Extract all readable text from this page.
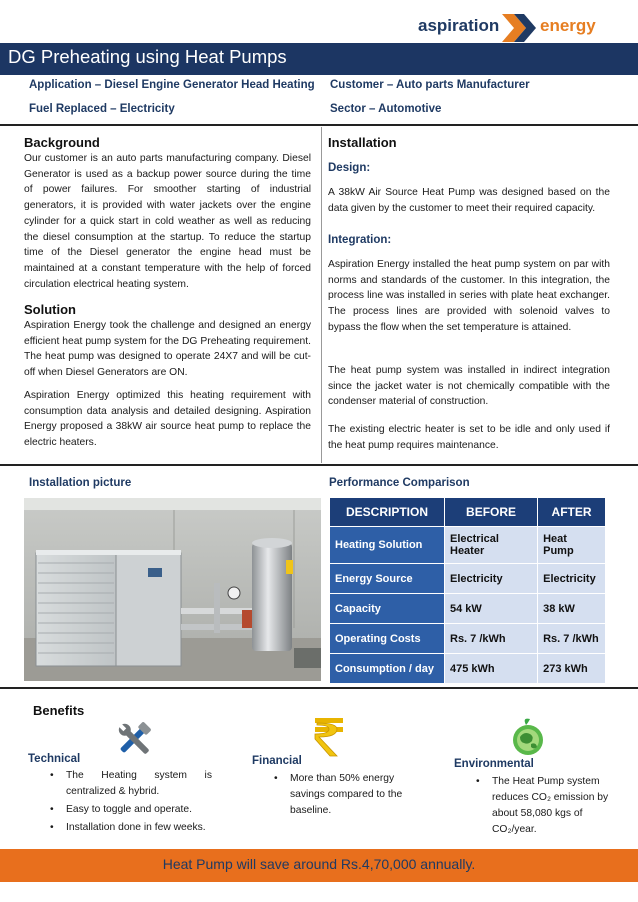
aspiration energy
DG Preheating using Heat Pumps
Application – Diesel Engine Generator Head Heating Customer – Auto parts Manufacturer
Fuel Replaced – Electricity	Sector – Automotive
Background

Our customer is an auto parts manufacturing company. Diesel Generator is used as a backup power source during the time of power failures. For smoother starting of industrial generators, it is provided with water jackets over the engine cylinder for a quick start in cold weather as well as reducing the diesel consumption at the startup. To reduce the startup time of the Diesel generator the engine head must be maintained at a constant temperature with the help of forced circulation electrical heating system.

Solution

Aspiration Energy took the challenge and designed an energy efficient heat pump system for the DG Preheating requirement. The heat pump was designed to operate 24X7 and will be cut-off when Diesel Generators are ON.

Aspiration Energy optimized this heating requirement with consumption data analysis and detailed designing. Aspiration Energy proposed a 38kW air source heat pump to replace the electric heaters.

Installation
Design:

A 38kW Air Source Heat Pump was designed based on the data given by the customer to meet their required capacity.

Integration:

Aspiration Energy installed the heat pump system on par with norms and standards of the customer. In this integration, the process line was installed in series with plate heat exchanger. The process lines are provided with solenoid valves to bypass the flow when the set temperature is attained.

The heat pump system was installed in indirect integration since the jacket water is not chemically compatible with the condenser material of construction.

The existing electric heater is set to be idle and only used if the heat pump requires maintenance.

Installation picture	Performance Comparison
DESCRIPTION	BEFORE	AFTER
Heating Solution	Electrical Heater	Heat Pump
Energy Source	Electricity	Electricity
Capacity	54 kW	38 kW
Operating Costs	Rs. 7 /kWh	Rs. 7 /kWh
Consumption / day	475 kWh	273 kWh
Benefits
Technical
• The Heating system is centralized & hybrid.
• Easy to toggle and operate.
• Installation done in few weeks.
Financial
• More than 50% energy savings compared to the baseline.
Environmental
• The Heat Pump system reduces CO₂ emission by about 58,080 kgs of CO₂/year.
Heat Pump will save around Rs.4,70,000 annually.
